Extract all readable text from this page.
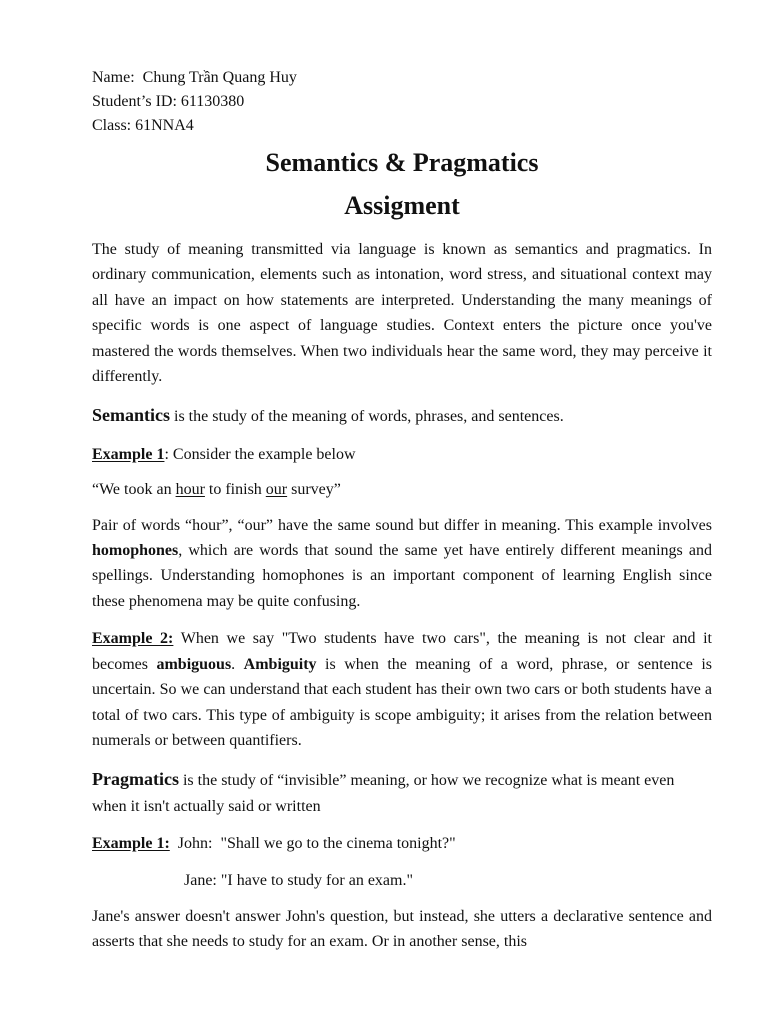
Name: Chung Trần Quang Huy
Student’s ID: 61130380
Class: 61NNA4
Semantics & Pragmatics
Assigment

The study of meaning transmitted via language is known as semantics and pragmatics. In ordinary communication, elements such as intonation, word stress, and situational context may all have an impact on how statements are interpreted. Understanding the many meanings of specific words is one aspect of language studies. Context enters the picture once you've mastered the words themselves. When two individuals hear the same word, they may perceive it differently.

Semantics is the study of the meaning of words, phrases, and sentences.

Example 1: Consider the example below

“We took an hour to finish our survey”

Pair of words “hour”, “our” have the same sound but differ in meaning. This example involves homophones, which are words that sound the same yet have entirely different meanings and spellings. Understanding homophones is an important component of learning English since these phenomena may be quite confusing.

Example 2: When we say "Two students have two cars", the meaning is not clear and it becomes ambiguous. Ambiguity is when the meaning of a word, phrase, or sentence is uncertain. So we can understand that each student has their own two cars or both students have a total of two cars. This type of ambiguity is scope ambiguity; it arises from the relation between numerals or between quantifiers.

Pragmatics is the study of “invisible” meaning, or how we recognize what is meant even when it isn't actually said or written

Example 1:  John:  "Shall we go to the cinema tonight?"

Jane: "I have to study for an exam."

Jane's answer doesn't answer John's question, but instead, she utters a declarative sentence and asserts that she needs to study for an exam. Or in another sense, this
